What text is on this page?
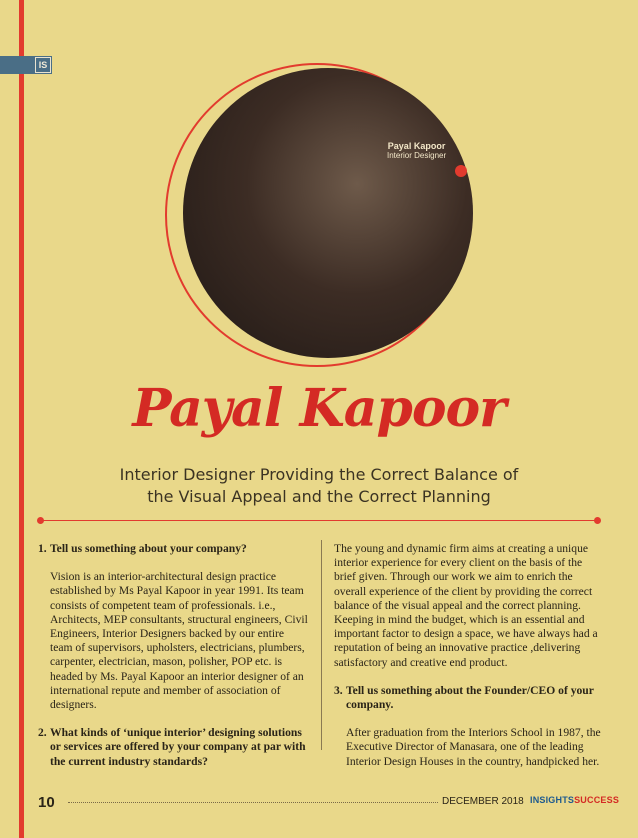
IS
Payal Kapoor
Interior Designer
Payal Kapoor
Interior Designer Providing the Correct Balance of
the Visual Appeal and the Correct Planning
1. Tell us something about your company?
Vision is an interior-architectural design practice established by Ms Payal Kapoor in year 1991. Its team consists of competent team of professionals. i.e., Architects, MEP consultants, structural engineers, Civil Engineers, Interior Designers backed by our entire team of supervisors, upholsters, electricians, plumbers, carpenter, electrician, mason, polisher, POP etc. is headed by Ms. Payal Kapoor an interior designer of an international repute and member of association of designers.
2. What kinds of ‘unique interior’ designing solutions or services are offered by your company at par with the current industry standards?
The young and dynamic firm aims at creating a unique interior experience for every client on the basis of the brief given. Through our work we aim to enrich the overall experience of the client by providing the correct balance of the visual appeal and the correct planning. Keeping in mind the budget, which is an essential and important factor to design a space, we have always had a reputation of being an innovative practice ,delivering satisfactory and creative end product.
3. Tell us something about the Founder/CEO of your company.
After graduation from the Interiors School in 1987, the Executive Director of Manasara, one of the leading Interior Design Houses in the country, handpicked her.
10	DECEMBER 2018 INSIGHTSSUCCESS
